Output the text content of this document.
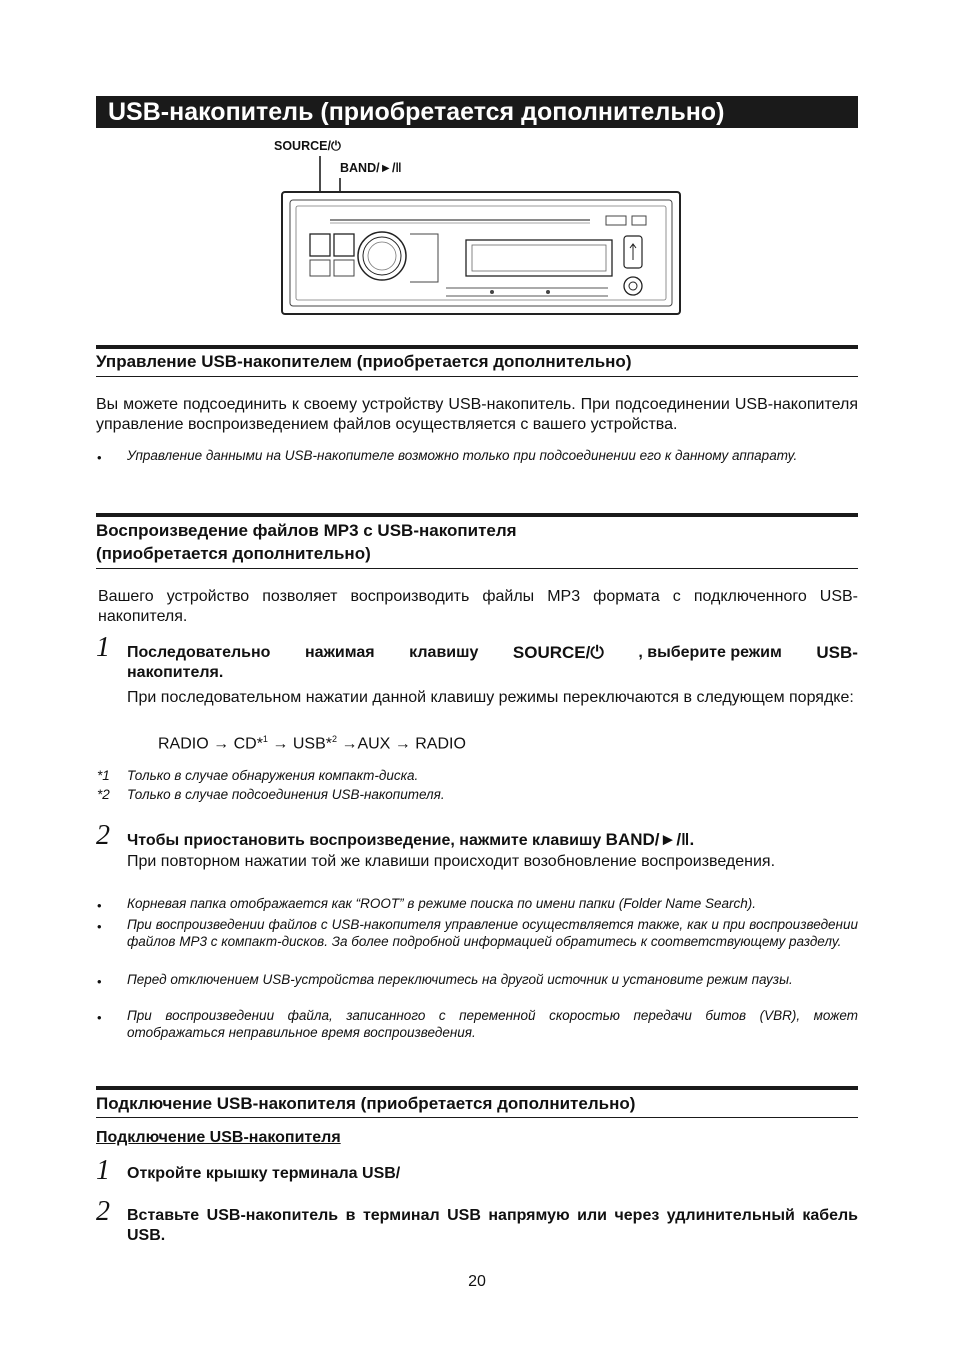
USB-накопитель (приобретается дополнительно)
SOURCE/⏻
BAND/►/ǁ
Управление USB-накопителем (приобретается дополнительно)
Вы можете подсоединить к своему устройству USB-накопитель. При подсоединении USB-накопителя управление воспроизведением файлов осуществляется с вашего устройства.
• Управление данными на USB-накопителе возможно только при подсоединении его к данному аппарату.
Воспроизведение файлов MP3 с USB-накопителя
(приобретается дополнительно)
Вашего устройство позволяет воспроизводить файлы MP3 формата с подключенного USB-накопителя.
1 Последовательно нажимая клавишу SOURCE/⏻ , выберите режим USB-
накопителя.
При последовательном нажатии данной клавишу режимы переключаются в следующем порядке:
RADIO → CD*$^1$ → USB*$^2$ →AUX → RADIO
*1 Только в случае обнаружения компакт-диска.
*2 Только в случае подсоединения USB-накопителя.
2 Чтобы приостановить воспроизведение, нажмите клавишу BAND/►/ǁ.
При повторном нажатии той же клавиши происходит возобновление воспроизведения.
• Корневая папка отображается как “ROOT” в режиме поиска по имени папки (Folder Name Search).
• При воспроизведении файлов с USB-накопителя управление осуществляется также, как и при воспроизведении файлов MP3 с компакт-дисков. За более подробной информацией обратитесь к соответствующему разделу.
• Перед отключением USB-устройства переключитесь на другой источник и установите режим паузы.
• При воспроизведении файла, записанного с переменной скоростью передачи битов (VBR), может отображаться неправильное время воспроизведения.
Подключение USB-накопителя (приобретается дополнительно)
Подключение USB-накопителя
1 Откройте крышку терминала USB/
2 Вставьте USB-накопитель в терминал USB напрямую или через удлинительный кабель USB.
20
